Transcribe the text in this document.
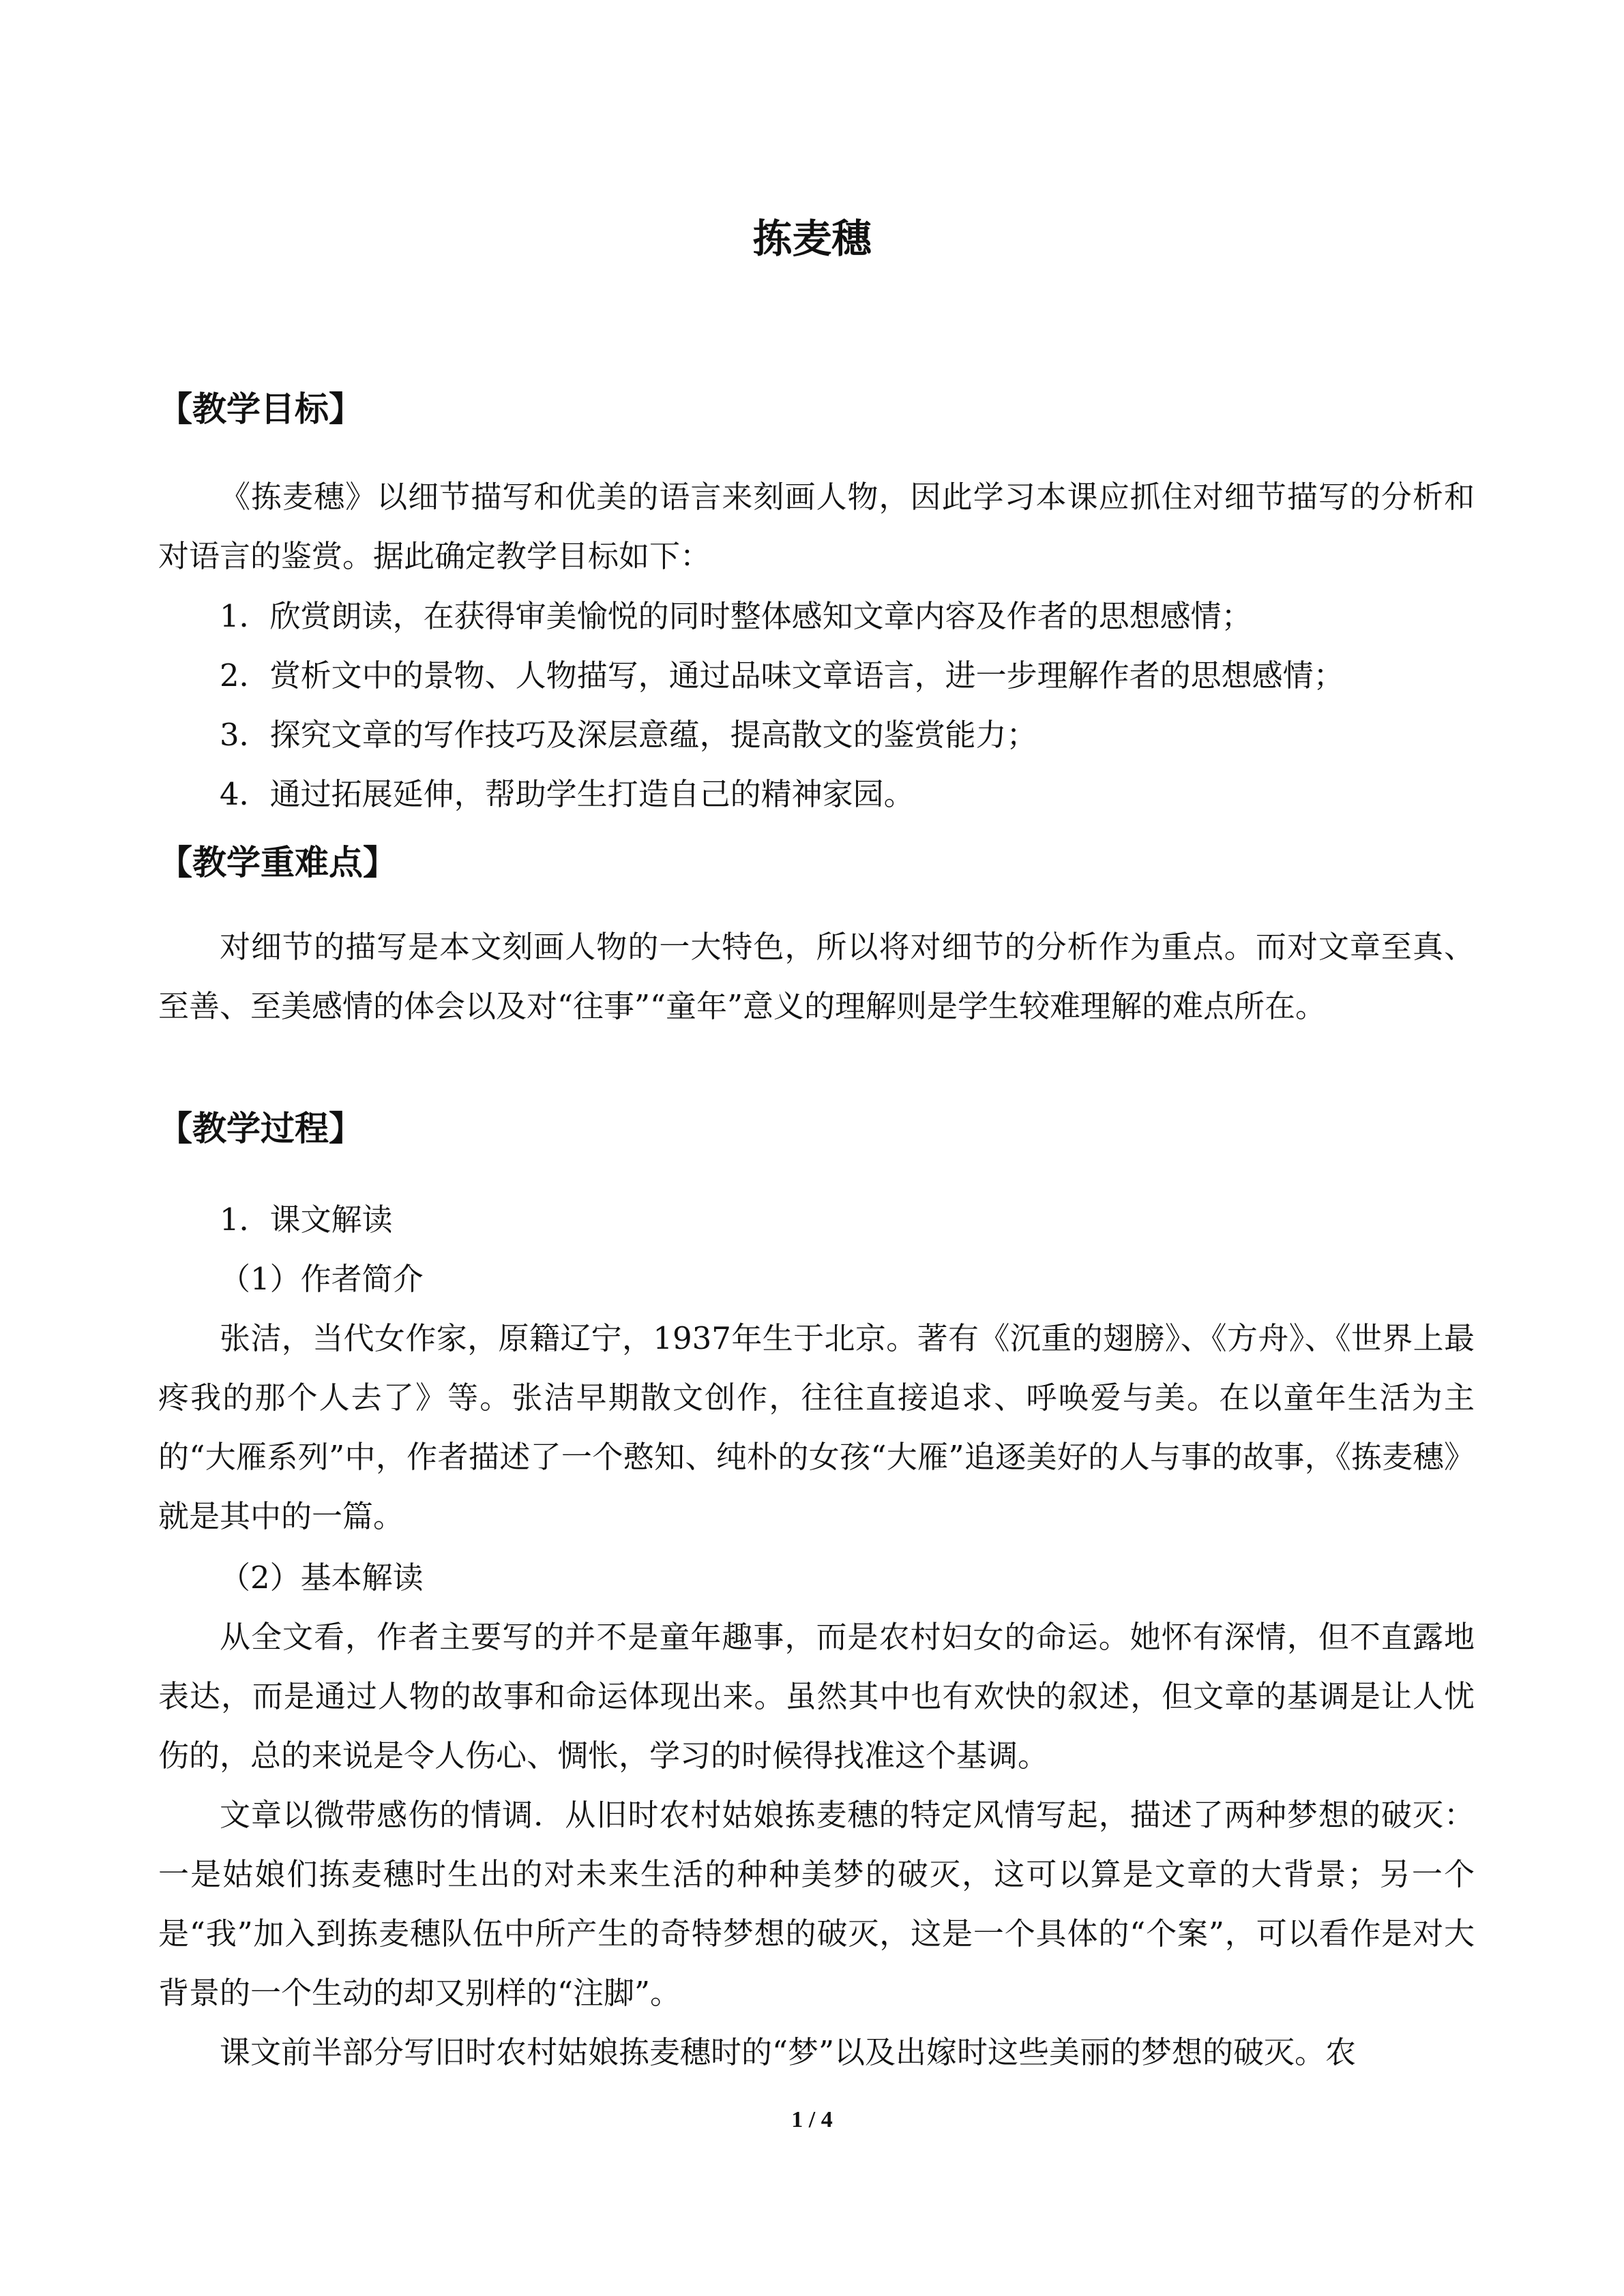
拣麦穗
【教学目标】

《拣麦穗》以细节描写和优美的语言来刻画人物，因此学习本课应抓住对细节描写的分析和对语言的鉴赏。据此确定教学目标如下：

1．欣赏朗读，在获得审美愉悦的同时整体感知文章内容及作者的思想感情；
2．赏析文中的景物、人物描写，通过品味文章语言，进一步理解作者的思想感情；
3．探究文章的写作技巧及深层意蕴，提高散文的鉴赏能力；
4．通过拓展延伸，帮助学生打造自己的精神家园。
【教学重难点】

对细节的描写是本文刻画人物的一大特色，所以将对细节的分析作为重点。而对文章至真、至善、至美感情的体会以及对“往事”“童年”意义的理解则是学生较难理解的难点所在。

【教学过程】
1．课文解读
（1）作者简介

张洁，当代女作家，原籍辽宁，1937年生于北京。著有《沉重的翅膀》、《方舟》、《世界上最疼我的那个人去了》等。张洁早期散文创作，往往直接追求、呼唤爱与美。在以童年生活为主的“大雁系列”中，作者描述了一个憨知、纯朴的女孩“大雁”追逐美好的人与事的故事，《拣麦穗》就是其中的一篇。

（2）基本解读

从全文看，作者主要写的并不是童年趣事，而是农村妇女的命运。她怀有深情，但不直露地表达，而是通过人物的故事和命运体现出来。虽然其中也有欢快的叙述，但文章的基调是让人忧伤的，总的来说是令人伤心、惆怅，学习的时候得找准这个基调。

文章以微带感伤的情调．从旧时农村姑娘拣麦穗的特定风情写起，描述了两种梦想的破灭：一是姑娘们拣麦穗时生出的对未来生活的种种美梦的破灭，这可以算是文章的大背景；另一个是“我”加入到拣麦穗队伍中所产生的奇特梦想的破灭，这是一个具体的“个案”，可以看作是对大背景的一个生动的却又别样的“注脚”。

课文前半部分写旧时农村姑娘拣麦穗时的“梦”以及出嫁时这些美丽的梦想的破灭。农

1 / 4
